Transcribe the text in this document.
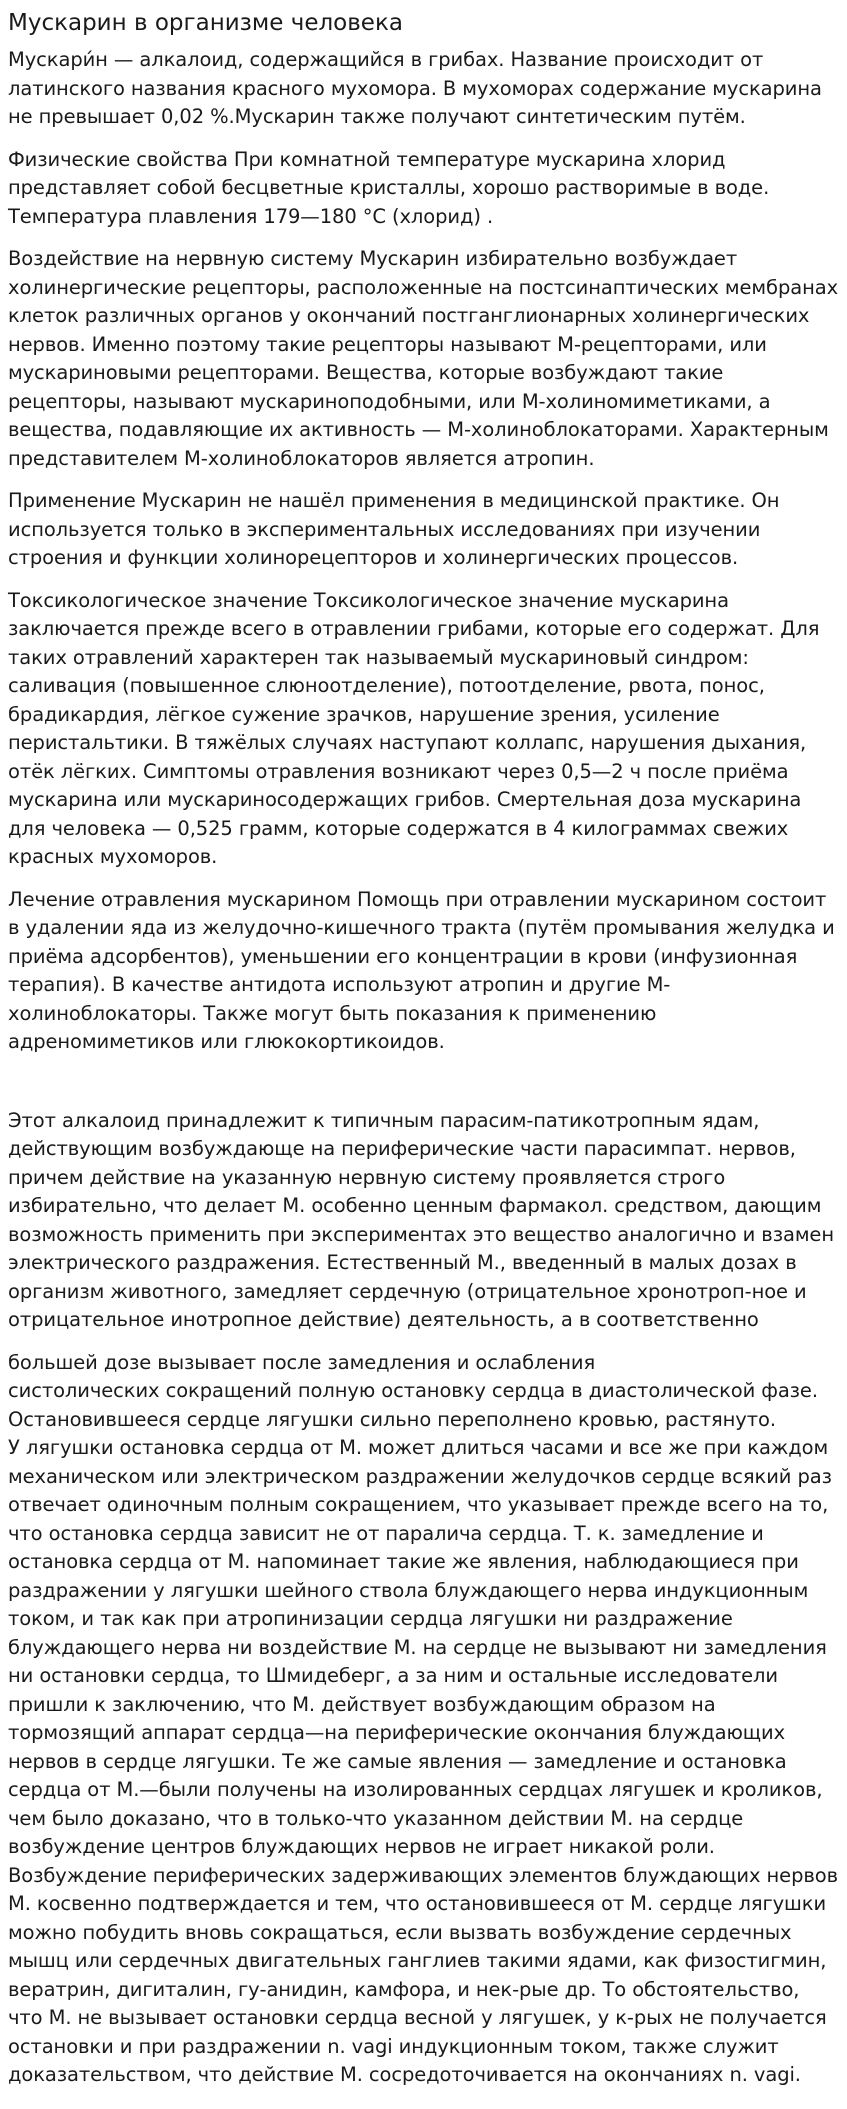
Мускарин в организме человека

Мускари́н — алкалоид, содержащийся в грибах. Название происходит от латинского названия красного мухомора. В мухоморах содержание мускарина не превышает 0,02 %.Мускарин также получают синтетическим путём.

Физические свойства При комнатной температуре мускарина хлорид представляет собой бесцветные кристаллы, хорошо растворимые в воде. Температура плавления 179—180 °C (хлорид) .

Воздействие на нервную систему Мускарин избирательно возбуждает холинергические рецепторы, расположенные на постсинаптических мембранах клеток различных органов у окончаний постганглионарных холинергических нервов. Именно поэтому такие рецепторы называют М-рецепторами, или мускариновыми рецепторами. Вещества, которые возбуждают такие рецепторы, называют мускариноподобными, или М-холиномиметиками, а вещества, подавляющие их активность — М-холиноблокаторами. Характерным представителем М-холиноблокаторов является атропин.

Применение Мускарин не нашёл применения в медицинской практике. Он используется только в экспериментальных исследованиях при изучении строения и функции холинорецепторов и холинергических процессов.

Токсикологическое значение Токсикологическое значение мускарина заключается прежде всего в отравлении грибами, которые его содержат. Для таких отравлений характерен так называемый мускариновый синдром: саливация (повышенное слюноотделение), потоотделение, рвота, понос, брадикардия, лёгкое сужение зрачков, нарушение зрения, усиление перистальтики. В тяжёлых случаях наступают коллапс, нарушения дыхания, отёк лёгких. Симптомы отравления возникают через 0,5—2 ч после приёма мускарина или мускариносодержащих грибов. Смертельная доза мускарина для человека — 0,525 грамм, которые содержатся в 4 килограммах свежих красных мухоморов.

Лечение отравления мускарином Помощь при отравлении мускарином состоит в удалении яда из желудочно-кишечного тракта (путём промывания желудка и приёма адсорбентов), уменьшении его концентрации в крови (инфузионная терапия). В качестве антидота используют атропин и другие М-холиноблокаторы. Также могут быть показания к применению адреномиметиков или глюкокортикоидов.

Этот алкалоид принадлежит к типичным парасим-патикотропным ядам, действующим возбуждающе на периферические части парасимпат. нервов, причем действие на указанную нервную систему проявляется строго избирательно, что делает М. особенно ценным фармакол. средством, дающим возможность применить при экспериментах это вещество аналогично и взамен электрического раздражения. Естественный М., введенный в малых дозах в организм животного, замедляет сердечную (отрицательное хронотроп-ное и отрицательное инотропное действие) деятельность, а в соответственно

большей дозе вызывает после замедления и ослабления
систолических сокращений полную остановку сердца в диастолической фазе.
Остановившееся сердце лягушки сильно переполнено кровью, растянуто.
У лягушки остановка сердца от М. может длиться часами и все же при каждом механическом или электрическом раздражении желудочков сердце всякий раз отвечает одиночным полным сокращением, что указывает прежде всего на то, что остановка сердца зависит не от паралича сердца. Т. к. замедление и остановка сердца от М. напоминает такие же явления, наблюдающиеся при раздражении у лягушки шейного ствола блуждающего нерва индукционным током, и так как при атропинизации сердца лягушки ни раздражение блуждающего нерва ни воздействие М. на сердце не вызывают ни замедления ни остановки сердца, то Шмидеберг, а за ним и остальные исследователи пришли к заключению, что М. действует возбуждающим образом на тормозящий аппарат сердца—на периферические окончания блуждающих нервов в сердце лягушки. Те же самые явления — замедление и остановка сердца от М.—были получены на изолированных сердцах лягушек и кроликов, чем было доказано, что в только-что указанном действии М. на сердце возбуждение центров блуждающих нервов не играет никакой роли. Возбуждение периферических задерживающих элементов блуждающих нервов М. косвенно подтверждается и тем, что остановившееся от М. сердце лягушки можно побудить вновь сокращаться, если вызвать возбуждение сердечных мышц или сердечных двигательных ганглиев такими ядами, как физостигмин, вератрин, дигиталин, гу-анидин, камфора, и нек-рые др. То обстоятельство, что М. не вызывает остановки сердца весной у лягушек, у к-рых не получается остановки и при раздражении n. vagi индукционным током, также служит доказательством, что действие М. сосредоточивается на окончаниях n. vagi.
